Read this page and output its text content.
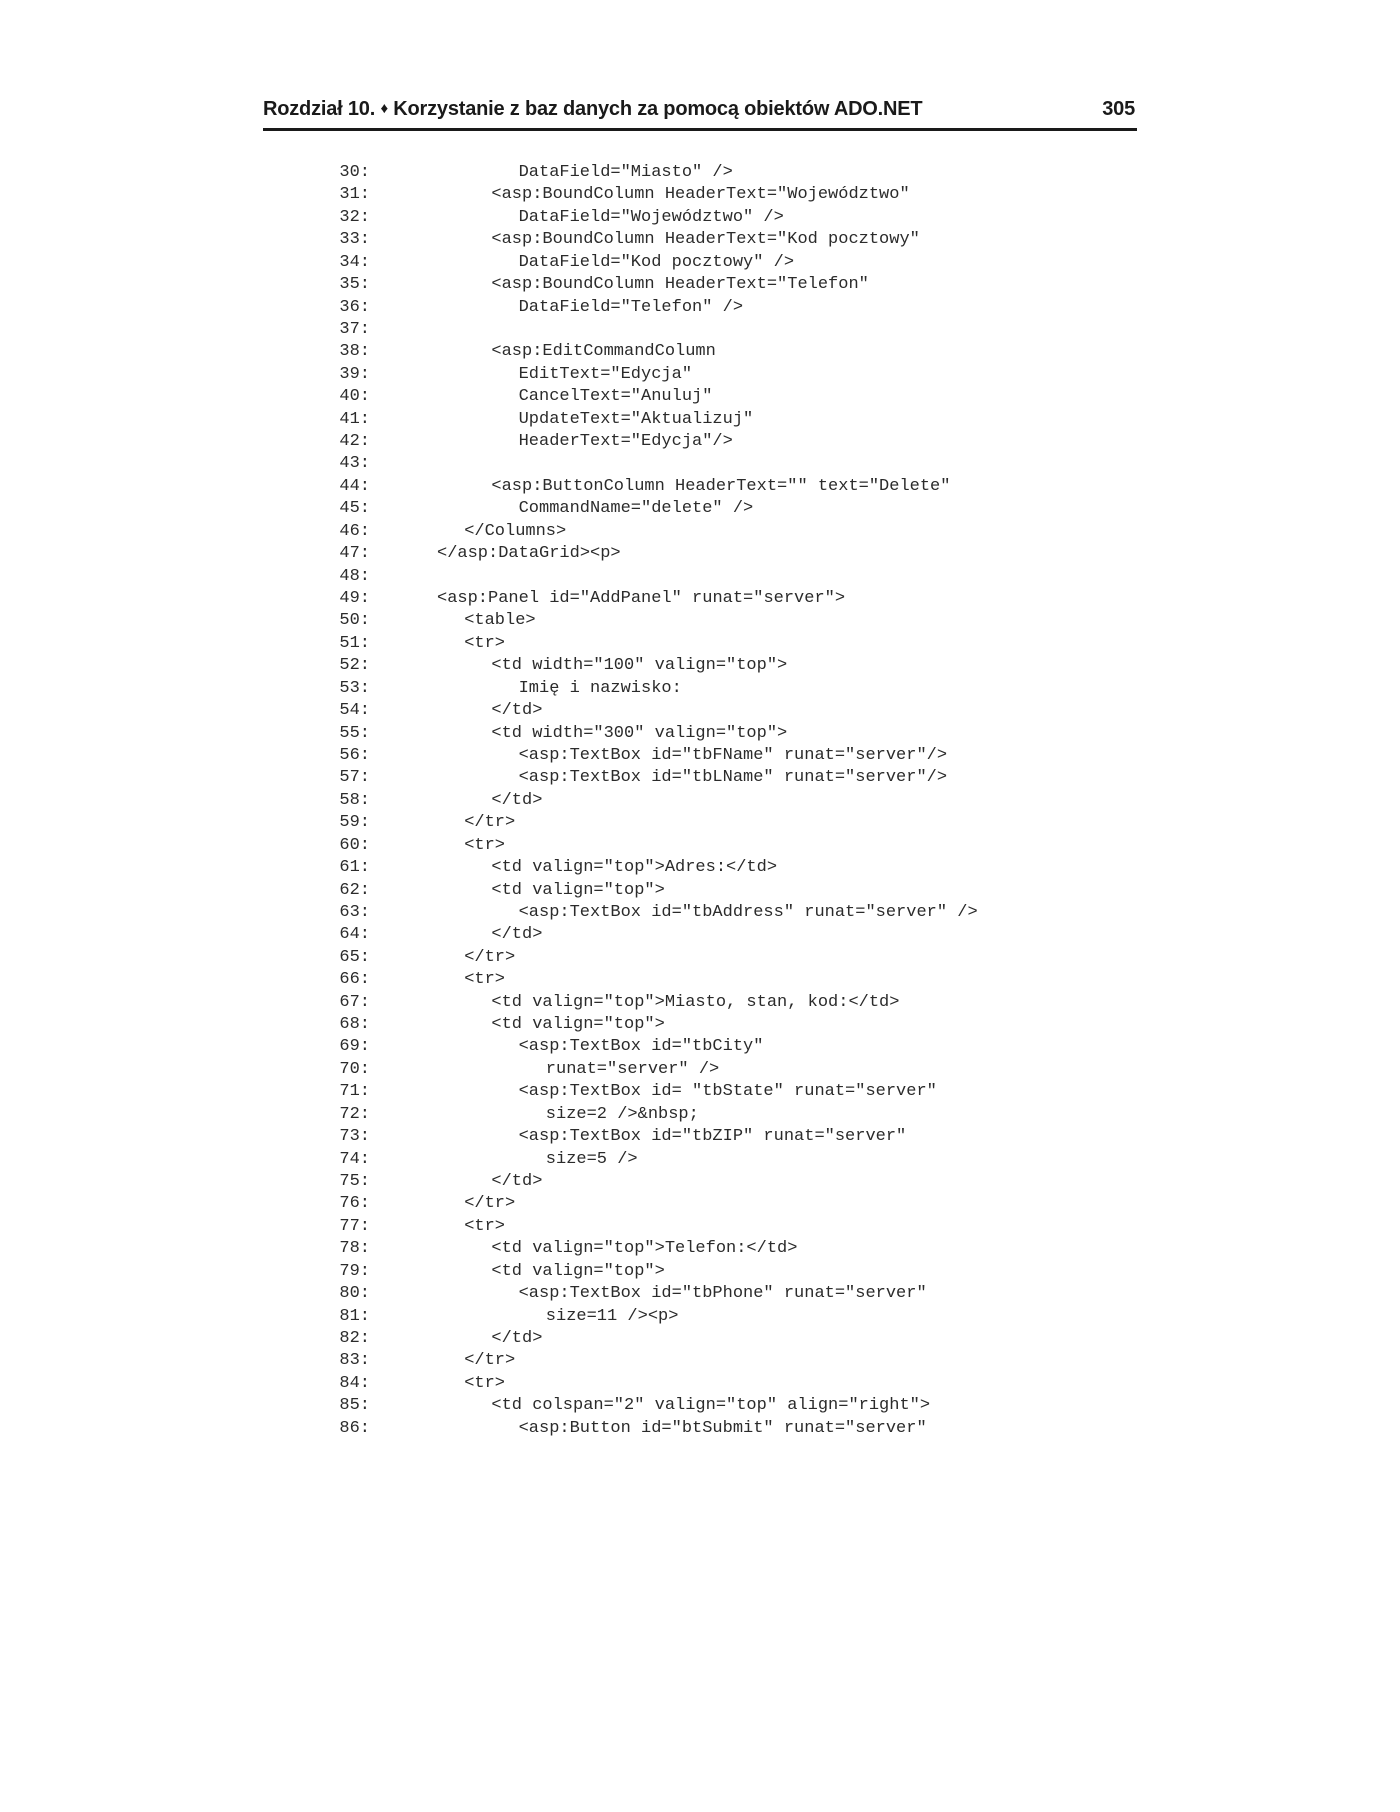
Rozdział 10. ♦ Korzystanie z baz danych za pomocą obiektów ADO.NET	305
30:	DataField="Miasto" />
31:	<asp:BoundColumn HeaderText="Województwo"
32:	DataField="Województwo" />
33:	<asp:BoundColumn HeaderText="Kod pocztowy"
34:	DataField="Kod pocztowy" />
35:	<asp:BoundColumn HeaderText="Telefon"
36:	DataField="Telefon" />
37:
38:	<asp:EditCommandColumn
39:	EditText="Edycja"
40:	CancelText="Anuluj"
41:	UpdateText="Aktualizuj"
42:	HeaderText="Edycja"/>
43:
44:	<asp:ButtonColumn HeaderText="" text="Delete"
45:	CommandName="delete" />
46:	</Columns>
47:	</asp:DataGrid><p>
48:
49:	<asp:Panel id="AddPanel" runat="server">
50:	<table>
51:	<tr>
52:	<td width="100" valign="top">
53:	Imię i nazwisko:
54:	</td>
55:	<td width="300" valign="top">
56:	<asp:TextBox id="tbFName" runat="server"/>
57:	<asp:TextBox id="tbLName" runat="server"/>
58:	</td>
59:	</tr>
60:	<tr>
61:	<td valign="top">Adres:</td>
62:	<td valign="top">
63:	<asp:TextBox id="tbAddress" runat="server" />
64:	</td>
65:	</tr>
66:	<tr>
67:	<td valign="top">Miasto, stan, kod:</td>
68:	<td valign="top">
69:	<asp:TextBox id="tbCity"
70:	runat="server" />
71:	<asp:TextBox id= "tbState" runat="server"
72:	size=2 />&nbsp;
73:	<asp:TextBox id="tbZIP" runat="server"
74:	size=5 />
75:	</td>
76:	</tr>
77:	<tr>
78:	<td valign="top">Telefon:</td>
79:	<td valign="top">
80:	<asp:TextBox id="tbPhone" runat="server"
81:	size=11 /><p>
82:	</td>
83:	</tr>
84:	<tr>
85:	<td colspan="2" valign="top" align="right">
86:	<asp:Button id="btSubmit" runat="server"
